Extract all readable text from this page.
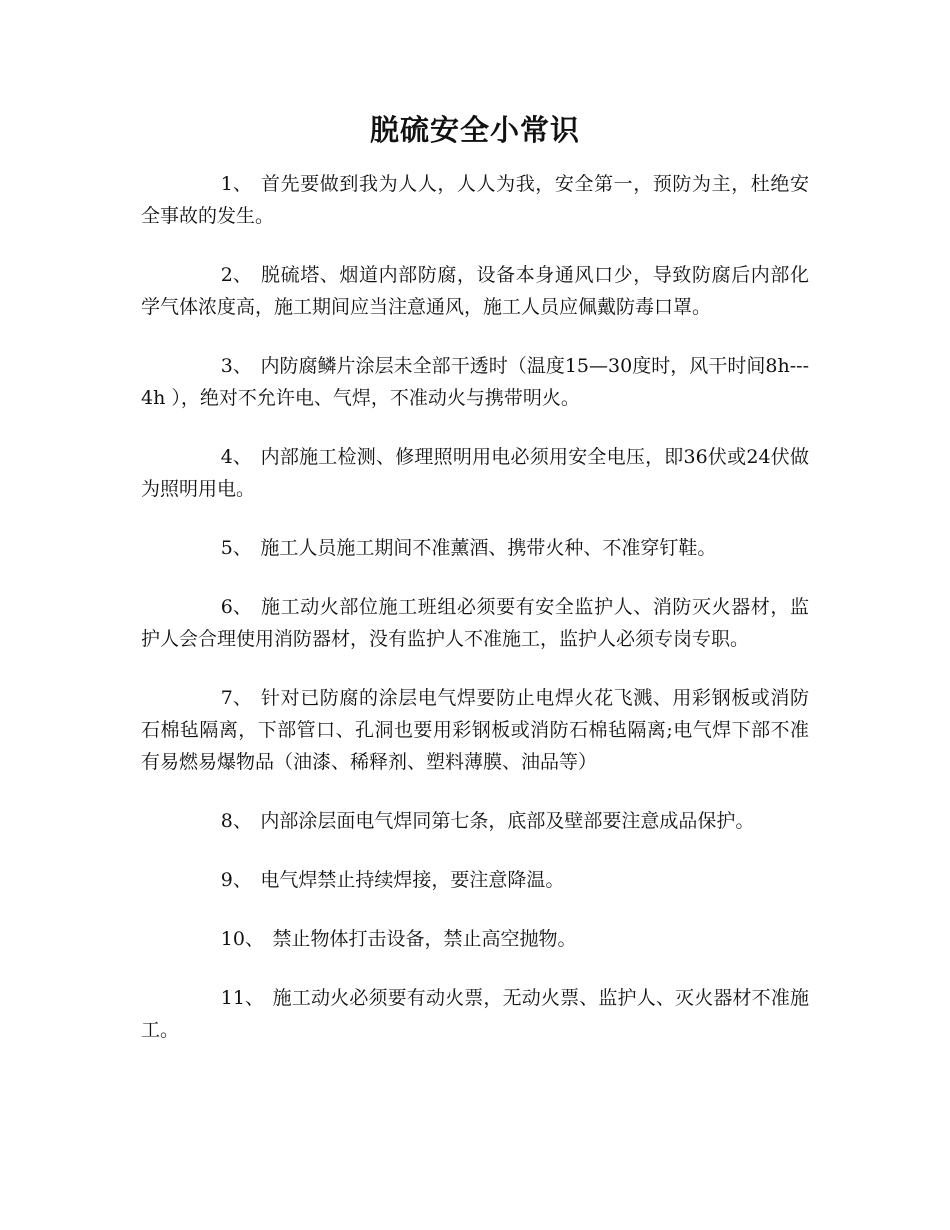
脱硫安全小常识

1、 首先要做到我为人人，人人为我，安全第一，预防为主，杜绝安全事故的发生。

2、 脱硫塔、烟道内部防腐，设备本身通风口少，导致防腐后内部化学气体浓度高，施工期间应当注意通风，施工人员应佩戴防毒口罩。

3、 内防腐鳞片涂层未全部干透时（温度15—30度时，风干时间8h---4h ），绝对不允许电、气焊，不准动火与携带明火。

4、 内部施工检测、修理照明用电必须用安全电压，即36伏或24伏做为照明用电。

5、 施工人员施工期间不准薰酒、携带火种、不准穿钉鞋。

6、 施工动火部位施工班组必须要有安全监护人、消防灭火器材，监护人会合理使用消防器材，没有监护人不准施工，监护人必须专岗专职。

7、 针对已防腐的涂层电气焊要防止电焊火花飞溅、用彩钢板或消防石棉毡隔离，下部管口、孔洞也要用彩钢板或消防石棉毡隔离;电气焊下部不准有易燃易爆物品（油漆、稀释剂、塑料薄膜、油品等）

8、 内部涂层面电气焊同第七条，底部及壁部要注意成品保护。

9、 电气焊禁止持续焊接，要注意降温。

10、 禁止物体打击设备，禁止高空抛物。

11、 施工动火必须要有动火票，无动火票、监护人、灭火器材不准施工。
